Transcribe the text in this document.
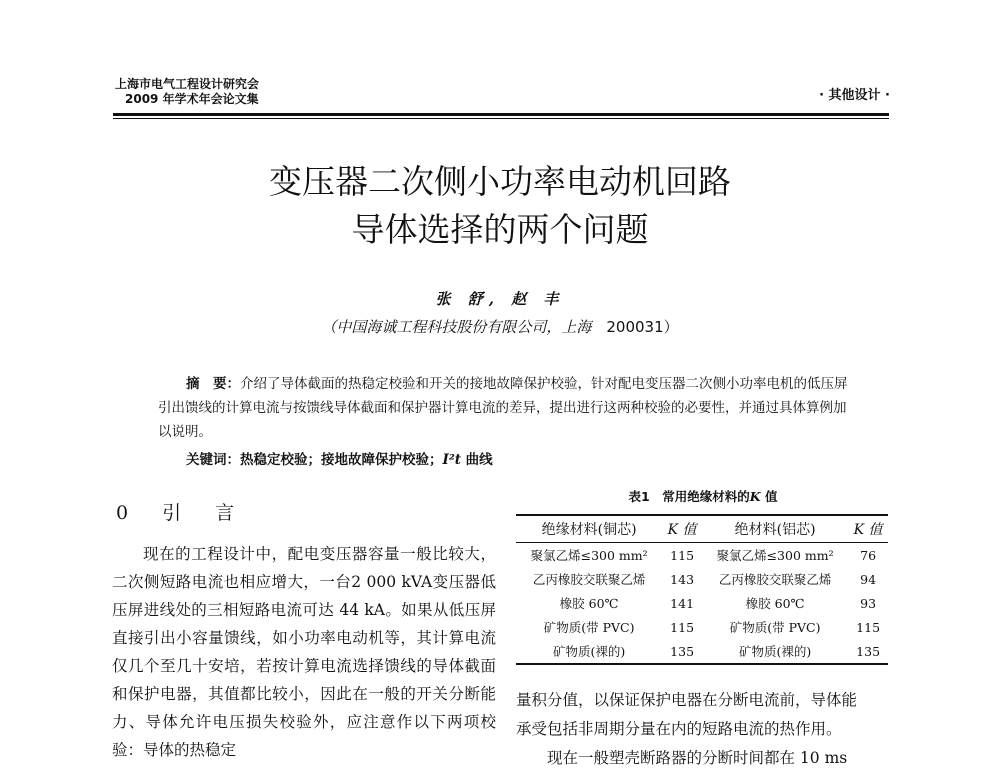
上海市电气工程设计研究会
2009 年学术年会论文集	· 其他设计 ·
变压器二次侧小功率电动机回路
导体选择的两个问题
张 舒, 赵 丰
（中国海诚工程科技股份有限公司，上海　 200031）
摘　要：介绍了导体截面的热稳定校验和开关的接地故障保护校验，针对配电变压器二次侧小功率电机的低压屏引出馈线的计算电流与按馈线导体截面和保护器计算电流的差异，提出进行这两种校验的必要性，并通过具体算例加以说明。
关键词：热稳定校验；接地故障保护校验；I²t 曲线
0 引 言

现在的工程设计中，配电变压器容量一般比较大，二次侧短路电流也相应增大，一台2 000 kVA变压器低压屏进线处的三相短路电流可达 44 kA。如果从低压屏直接引出小容量馈线，如小功率电动机等，其计算电流仅几个至几十安培，若按计算电流选择馈线的导体截面和保护电器，其值都比较小，因此在一般的开关分断能力、导体允许电压损失校验外，应注意作以下两项校验：导体的热稳定

表1　常用绝缘材料的K 值
绝缘材料(铜芯)	K 值	绝材料(铝芯)	K 值
聚氯乙烯≤300 mm²	115	聚氯乙烯≤300 mm²	76
乙丙橡胶交联聚乙烯	143	乙丙橡胶交联聚乙烯	94
橡胶 60℃	141	橡胶 60℃	93
矿物质(带 PVC)	115	矿物质(带 PVC)	115
矿物质(裸的)	135	矿物质(裸的)	135

量积分值，以保证保护电器在分断电流前，导体能

承受包括非周期分量在内的短路电流的热作用。

现在一般塑壳断路器的分断时间都在 10 ms
